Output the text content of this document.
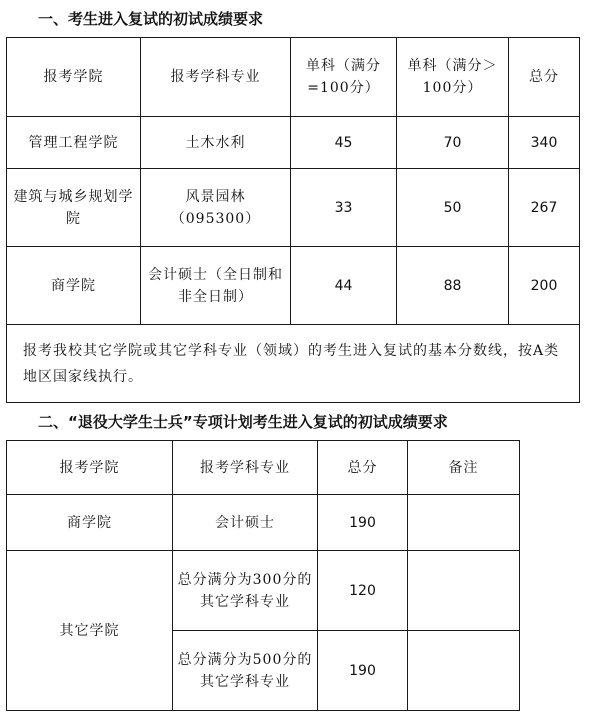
一、考生进入复试的初试成绩要求
报考学院	报考学科专业	单科（满分=100分）	单科（满分＞100分）	总分
管理工程学院	土木水利	45	70	340
建筑与城乡规划学院	风景园林（095300）	33	50	267
商学院	会计硕士（全日制和非全日制）	44	88	200
报考我校其它学院或其它学科专业（领域）的考生进入复试的基本分数线，按A类地区国家线执行。				
二、“退役大学生士兵”专项计划考生进入复试的初试成绩要求
报考学院	报考学科专业	总分	备注
商学院	会计硕士	190	
其它学院	总分满分为300分的其它学科专业	120	
	总分满分为500分的其它学科专业	190	
